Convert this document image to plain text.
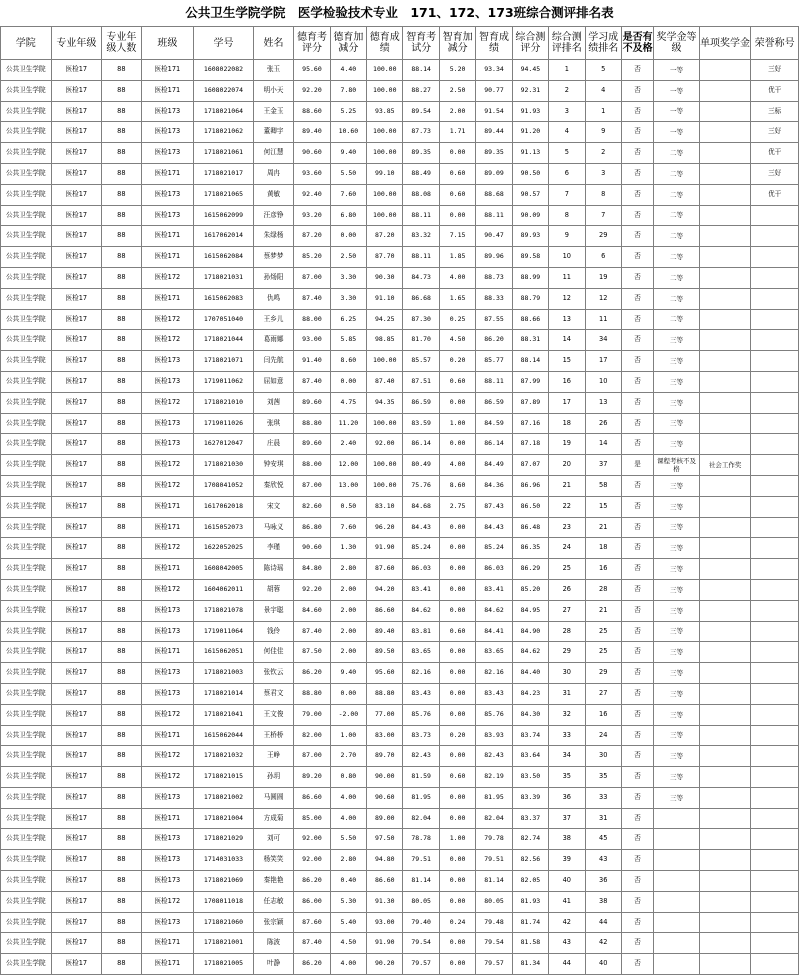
公共卫生学院学院　医学检验技术专业　171、172、173班综合测评排名表
学院	专业年级	专业年级人数	班级	学号	姓名	德育考评分	德育加减分	德育成绩	智育考试分	智育加减分	智育成绩	综合测评分	综合测评排名	学习成绩排名	是否有不及格	奖学金等级	单项奖学金	荣誉称号
公共卫生学院	医检17	88	医检171	1608022082	张玉	95.60	4.40	100.00	88.14	5.20	93.34	94.45	1	5	否	一等		三好
公共卫生学院	医检17	88	医检171	1608022074	明小天	92.20	7.80	100.00	88.27	2.50	90.77	92.31	2	4	否	一等		优干
公共卫生学院	医检17	88	医检173	1718021064	王金玉	88.60	5.25	93.85	89.54	2.00	91.54	91.93	3	1	否	一等		三标
公共卫生学院	医检17	88	医检173	1718021062	董卿宇	89.40	10.60	100.00	87.73	1.71	89.44	91.20	4	9	否	一等		三好
公共卫生学院	医检17	88	医检173	1718021061	何江慧	90.60	9.40	100.00	89.35	0.00	89.35	91.13	5	2	否	二等		优干
公共卫生学院	医检17	88	医检171	1718021017	周冉	93.60	5.50	99.10	88.49	0.60	89.09	90.50	6	3	否	二等		三好
公共卫生学院	医检17	88	医检173	1718021065	黄敏	92.40	7.60	100.00	88.08	0.60	88.68	90.57	7	8	否	二等		优干
公共卫生学院	医检17	88	医检173	1615062099	汪彦铮	93.20	6.80	100.00	88.11	0.00	88.11	90.09	8	7	否	二等		
公共卫生学院	医检17	88	医检171	1617062014	朱绿杨	87.20	0.00	87.20	83.32	7.15	90.47	89.93	9	29	否	二等		
公共卫生学院	医检17	88	医检171	1615062084	蔡梦梦	85.20	2.50	87.70	88.11	1.85	89.96	89.58	10	6	否	二等		
公共卫生学院	医检17	88	医检172	1718021031	孙炀阳	87.00	3.30	90.30	84.73	4.00	88.73	88.99	11	19	否	二等		
公共卫生学院	医检17	88	医检171	1615062083	仇鸣	87.40	3.30	91.10	86.68	1.65	88.33	88.79	12	12	否	二等		
公共卫生学院	医检17	88	医检172	1707051040	王乡儿	88.00	6.25	94.25	87.30	0.25	87.55	88.66	13	11	否	二等		
公共卫生学院	医检17	88	医检172	1718021044	葛雨娜	93.00	5.85	98.85	81.70	4.50	86.20	88.31	14	34	否	三等		
公共卫生学院	医检17	88	医检173	1718021071	闫先航	91.40	8.60	100.00	85.57	0.20	85.77	88.14	15	17	否	三等		
公共卫生学院	医检17	88	医检173	1719011062	屈如意	87.40	0.00	87.40	87.51	0.60	88.11	87.99	16	10	否	三等		
公共卫生学院	医检17	88	医检172	1718021010	刘茜	89.60	4.75	94.35	86.59	0.00	86.59	87.89	17	13	否	三等		
公共卫生学院	医检17	88	医检173	1719011026	张琪	88.80	11.20	100.00	83.59	1.00	84.59	87.16	18	26	否	三等		
公共卫生学院	医检17	88	医检173	1627012047	庄晨	89.60	2.40	92.00	86.14	0.00	86.14	87.18	19	14	否	三等		
公共卫生学院	医检17	88	医检172	1718021030	钟安琪	88.00	12.00	100.00	80.49	4.00	84.49	87.07	20	37	是	课程考核不及格	社会工作奖	
公共卫生学院	医检17	88	医检172	1708041052	秦欣悦	87.00	13.00	100.00	75.76	8.60	84.36	86.96	21	58	否	三等		
公共卫生学院	医检17	88	医检171	1617062018	宋文	82.60	0.50	83.10	84.68	2.75	87.43	86.50	22	15	否	三等		
公共卫生学院	医检17	88	医检171	1615052073	马咏义	86.80	7.60	96.20	84.43	0.00	84.43	86.48	23	21	否	三等		
公共卫生学院	医检17	88	医检172	1622052025	李瑾	90.60	1.30	91.90	85.24	0.00	85.24	86.35	24	18	否	三等		
公共卫生学院	医检17	88	医检171	1608042005	陈诗瑶	84.80	2.80	87.60	86.03	0.00	86.03	86.29	25	16	否	三等		
公共卫生学院	医检17	88	医检172	1604062011	胡蓉	92.20	2.00	94.20	83.41	0.00	83.41	85.20	26	28	否	三等		
公共卫生学院	医检17	88	医检173	1718021078	景宇聪	84.60	2.00	86.60	84.62	0.00	84.62	84.95	27	21	否	三等		
公共卫生学院	医检17	88	医检173	1719011064	钱伶	87.40	2.00	89.40	83.81	0.60	84.41	84.90	28	25	否	三等		
公共卫生学院	医检17	88	医检171	1615062051	何佳佳	87.50	2.00	89.50	83.65	0.00	83.65	84.62	29	25	否	三等		
公共卫生学院	医检17	88	医检173	1718021003	张钦云	86.20	9.40	95.60	82.16	0.00	82.16	84.40	30	29	否	三等		
公共卫生学院	医检17	88	医检173	1718021014	蔡君文	88.80	0.00	88.80	83.43	0.00	83.43	84.23	31	27	否	三等		
公共卫生学院	医检17	88	医检172	1718021041	王文俊	79.00	-2.00	77.00	85.76	0.00	85.76	84.30	32	16	否	三等		
公共卫生学院	医检17	88	医检171	1615062044	王桥桥	82.00	1.00	83.00	83.73	0.20	83.93	83.74	33	24	否	三等		
公共卫生学院	医检17	88	医检172	1718021032	王峥	87.00	2.70	89.70	82.43	0.00	82.43	83.64	34	30	否	三等		
公共卫生学院	医检17	88	医检172	1718021015	孙玥	89.20	0.80	90.00	81.59	0.60	82.19	83.50	35	35	否	三等		
公共卫生学院	医检17	88	医检173	1718021002	马圆圆	86.60	4.00	90.60	81.95	0.00	81.95	83.39	36	33	否	三等		
公共卫生学院	医检17	88	医检171	1718021004	方成菊	85.00	4.00	89.00	82.04	0.00	82.04	83.37	37	31	否			
公共卫生学院	医检17	88	医检173	1718021029	刘可	92.00	5.50	97.50	78.78	1.00	79.78	82.74	38	45	否			
公共卫生学院	医检17	88	医检173	1714031033	杨笑笑	92.00	2.80	94.80	79.51	0.00	79.51	82.56	39	43	否			
公共卫生学院	医检17	88	医检173	1718021069	秦艳艳	86.20	0.40	86.60	81.14	0.00	81.14	82.05	40	36	否			
公共卫生学院	医检17	88	医检172	1708011018	任志敏	86.00	5.30	91.30	80.05	0.00	80.05	81.93	41	38	否			
公共卫生学院	医检17	88	医检173	1718021060	张宗颖	87.60	5.40	93.00	79.40	0.24	79.48	81.74	42	44	否			
公共卫生学院	医检17	88	医检171	1718021001	陈波	87.40	4.50	91.90	79.54	0.00	79.54	81.58	43	42	否			
公共卫生学院	医检17	88	医检171	1718021005	叶静	86.20	4.00	90.20	79.57	0.00	79.57	81.34	44	40	否			
